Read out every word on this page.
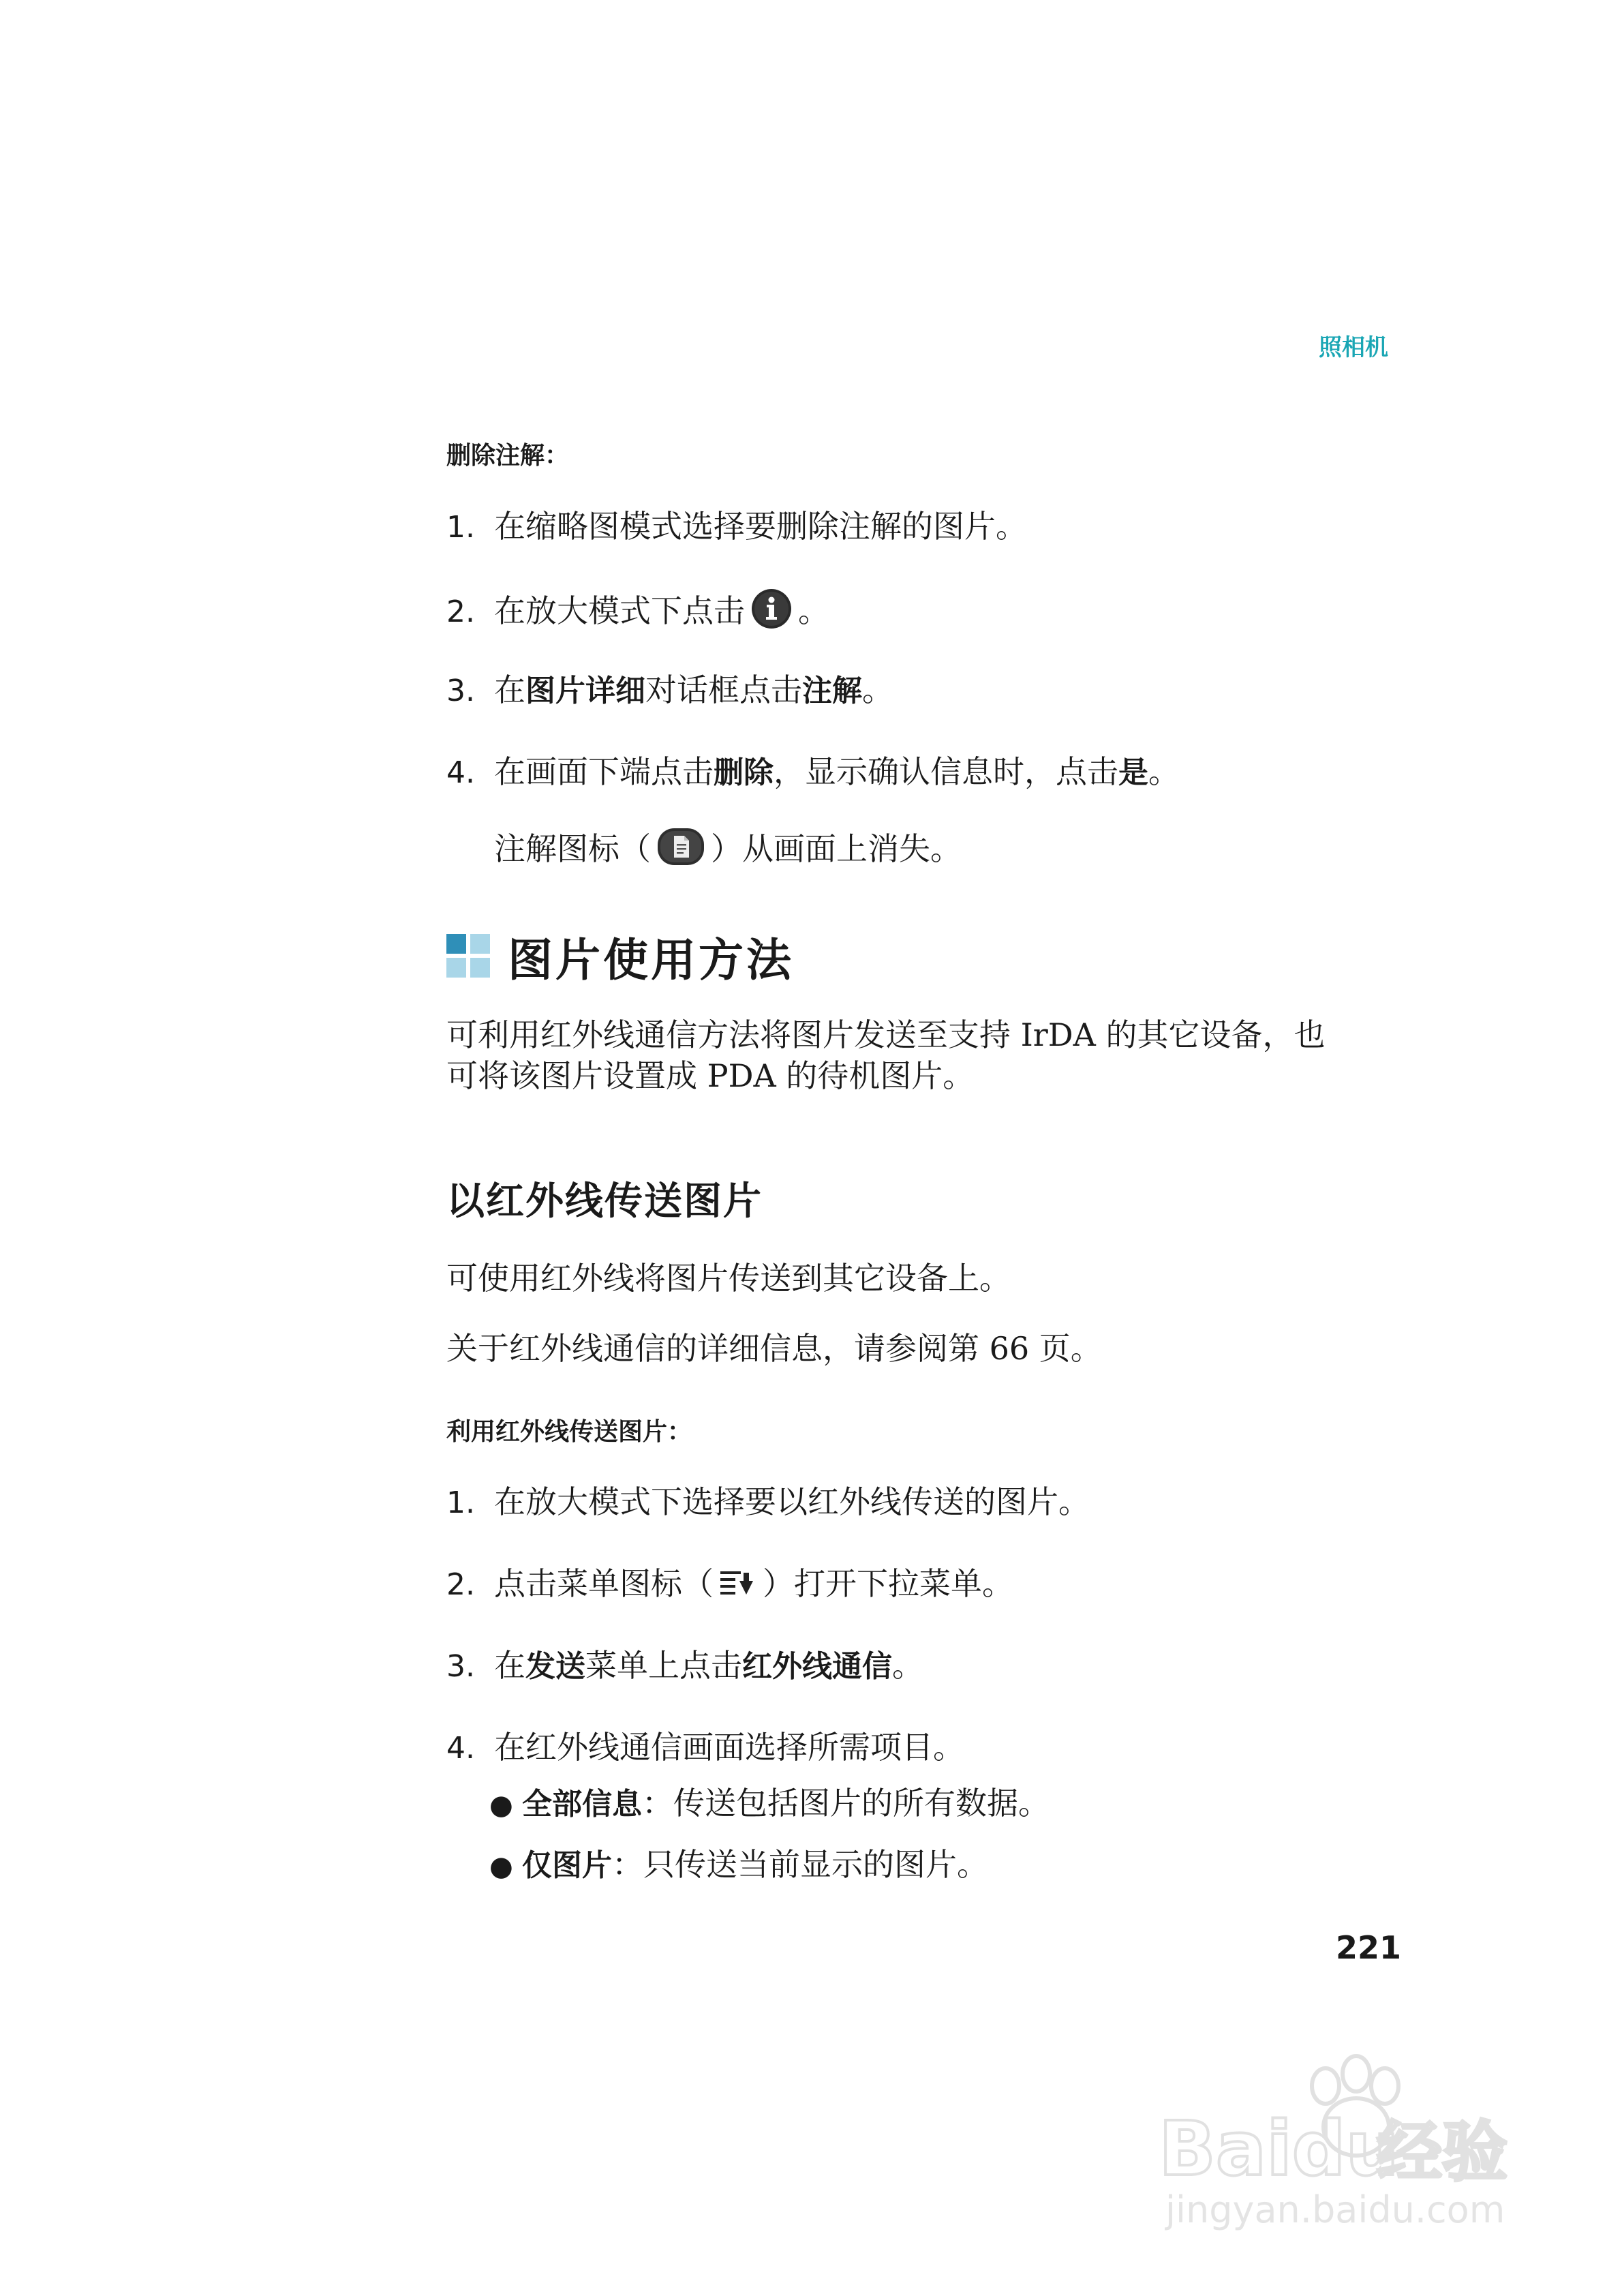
照相机
删除注解：
1. 在缩略图模式选择要删除注解的图片。
2. 在放大模式下点击 。
3. 在图片详细对话框点击注解。
4. 在画面下端点击删除，显示确认信息时，点击是。
注解图标（ ）从画面上消失。
图片使用方法
可利用红外线通信方法将图片发送至支持 IrDA 的其它设备，也
可将该图片设置成 PDA 的待机图片。
以红外线传送图片
可使用红外线将图片传送到其它设备上。
关于红外线通信的详细信息，请参阅第 66 页。
利用红外线传送图片：
1. 在放大模式下选择要以红外线传送的图片。
2. 点击菜单图标（ ）打开下拉菜单。
3. 在发送菜单上点击红外线通信。
4. 在红外线通信画面选择所需项目。
● 全部信息：传送包括图片的所有数据。
● 仅图片：只传送当前显示的图片。
221
Baidu
经验
jingyan.baidu.com
